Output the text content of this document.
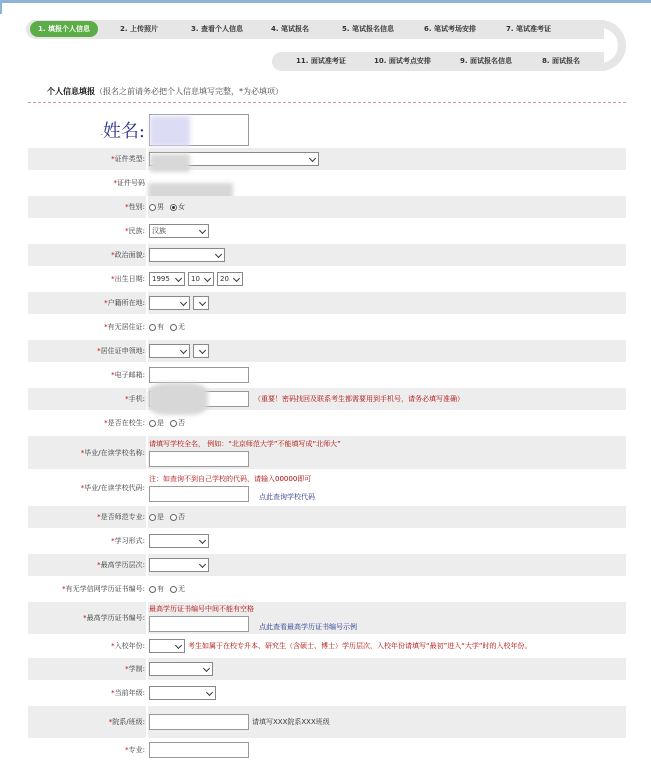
1. 填报个人信息	2. 上传照片	3. 查看个人信息	4. 笔试报名	5. 笔试报名信息	6. 笔试考场安排	7. 笔试准考证
11. 面试准考证	10. 面试考点安排	9. 面试报名信息	8. 面试报名
个人信息填报（报名之前请务必把个人信息填写完整，*为必填项）
·姓名:
*证件类型:
*证件号码
*性别: 男 女
*民族:	汉族
*政治面貌:
*出生日期:	1995	10	20
*户籍所在地:
*有无居住证: 有 无
*居住证申领地:
*电子邮箱:
*手机:	（重要！密码找回及联系考生都需要用到手机号，请务必填写准确）
*是否在校生: 是 否
*毕业/在读学校名称:
请填写学校全名， 例如：“北京师范大学”不能填写成“北师大”
*毕业/在读学校代码:
注：如查询不到自己学校的代码，请输入00000即可
点此查询学校代码
*是否师范专业: 是 否
*学习形式:
*最高学历层次:
*有无学信网学历证书编号: 有 无
*最高学历证书编号:
最高学历证书编号中间不能有空格
点此查看最高学历证书编号示例
*入校年份:	考生如属于在校专升本、研究生（含硕士、博士）学历层次，入校年份请填写“最初”进入“大学”时的入校年份。
*学制:
*当前年级:
*院系/班级:	请填写XXX院系XXX班级
*专业:
